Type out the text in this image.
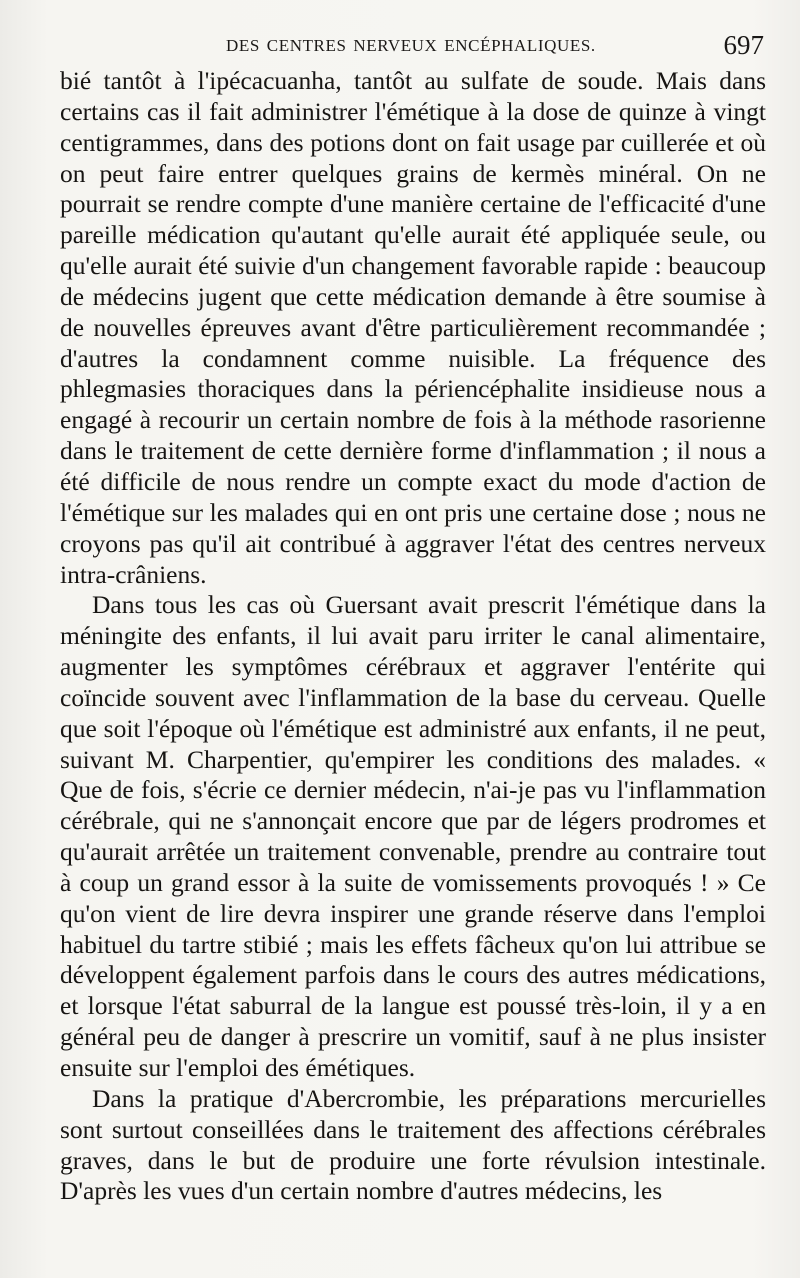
DES CENTRES NERVEUX ENCÉPHALIQUES.	697

bié tantôt à l'ipécacuanha, tantôt au sulfate de soude. Mais dans certains cas il fait administrer l'émétique à la dose de quinze à vingt centigrammes, dans des potions dont on fait usage par cuillerée et où on peut faire entrer quelques grains de kermès minéral. On ne pourrait se rendre compte d'une manière certaine de l'efficacité d'une pareille médication qu'autant qu'elle aurait été appliquée seule, ou qu'elle aurait été suivie d'un changement favorable rapide : beaucoup de médecins jugent que cette médication demande à être soumise à de nouvelles épreuves avant d'être particulièrement recommandée ; d'autres la condamnent comme nuisible. La fréquence des phlegmasies thoraciques dans la périencéphalite insidieuse nous a engagé à recourir un certain nombre de fois à la méthode rasorienne dans le traitement de cette dernière forme d'inflammation ; il nous a été difficile de nous rendre un compte exact du mode d'action de l'émétique sur les malades qui en ont pris une certaine dose ; nous ne croyons pas qu'il ait contribué à aggraver l'état des centres nerveux intra-crâniens.

Dans tous les cas où Guersant avait prescrit l'émétique dans la méningite des enfants, il lui avait paru irriter le canal alimentaire, augmenter les symptômes cérébraux et aggraver l'entérite qui coïncide souvent avec l'inflammation de la base du cerveau. Quelle que soit l'époque où l'émétique est administré aux enfants, il ne peut, suivant M. Charpentier, qu'empirer les conditions des malades. « Que de fois, s'écrie ce dernier médecin, n'ai-je pas vu l'inflammation cérébrale, qui ne s'annonçait encore que par de légers prodromes et qu'aurait arrêtée un traitement convenable, prendre au contraire tout à coup un grand essor à la suite de vomissements provoqués ! » Ce qu'on vient de lire devra inspirer une grande réserve dans l'emploi habituel du tartre stibié ; mais les effets fâcheux qu'on lui attribue se développent également parfois dans le cours des autres médications, et lorsque l'état saburral de la langue est poussé très-loin, il y a en général peu de danger à prescrire un vomitif, sauf à ne plus insister ensuite sur l'emploi des émétiques.

Dans la pratique d'Abercrombie, les préparations mercurielles sont surtout conseillées dans le traitement des affections cérébrales graves, dans le but de produire une forte révulsion intestinale. D'après les vues d'un certain nombre d'autres médecins, les
